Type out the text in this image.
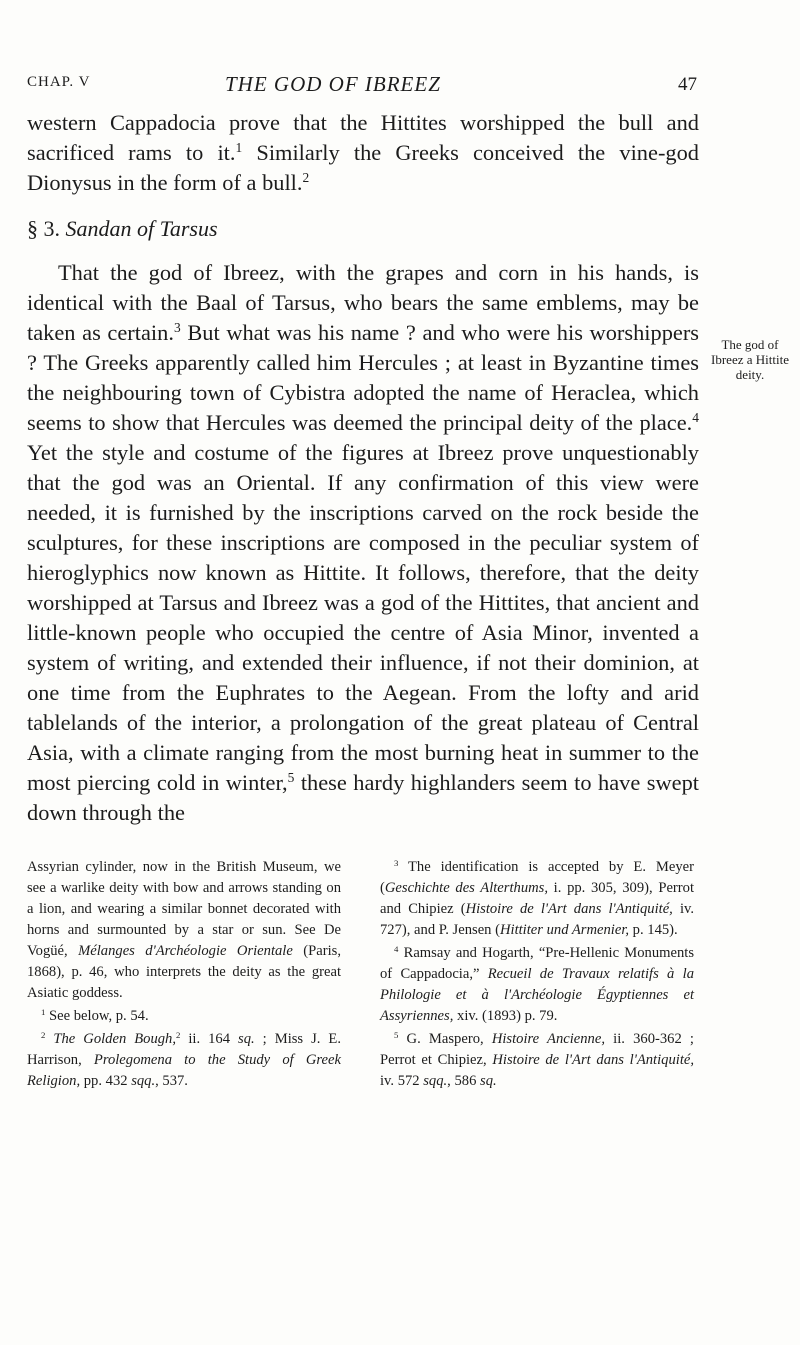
CHAP. V	THE GOD OF IBREEZ	47

western Cappadocia prove that the Hittites worshipped the bull and sacrificed rams to it.$^1$ Similarly the Greeks conceived the vine-god Dionysus in the form of a bull.$^2$

§ 3. Sandan of Tarsus

That the god of Ibreez, with the grapes and corn in his hands, is identical with the Baal of Tarsus, who bears the same emblems, may be taken as certain.$^3$ But what was his name ? and who were his worshippers ? The Greeks apparently called him Hercules ; at least in Byzantine times the neighbouring town of Cybistra adopted the name of Heraclea, which seems to show that Hercules was deemed the principal deity of the place.$^4$ Yet the style and costume of the figures at Ibreez prove unquestionably that the god was an Oriental. If any confirmation of this view were needed, it is furnished by the inscriptions carved on the rock beside the sculptures, for these inscriptions are composed in the peculiar system of hieroglyphics now known as Hittite. It follows, therefore, that the deity worshipped at Tarsus and Ibreez was a god of the Hittites, that ancient and little-known people who occupied the centre of Asia Minor, invented a system of writing, and extended their influence, if not their dominion, at one time from the Euphrates to the Aegean. From the lofty and arid tablelands of the interior, a prolongation of the great plateau of Central Asia, with a climate ranging from the most burning heat in summer to the most piercing cold in winter,$^5$ these hardy highlanders seem to have swept down through the

The god of Ibreez a Hittite deity.

Assyrian cylinder, now in the British Museum, we see a warlike deity with bow and arrows standing on a lion, and wearing a similar bonnet decorated with horns and surmounted by a star or sun. See De Vogüé, Mélanges d'Archéologie Orientale (Paris, 1868), p. 46, who interprets the deity as the great Asiatic goddess.

$^1$ See below, p. 54.

$^2$ The Golden Bough,$^2$ ii. 164 sq. ; Miss J. E. Harrison, Prolegomena to the Study of Greek Religion, pp. 432 sqq., 537.

$^3$ The identification is accepted by E. Meyer (Geschichte des Alterthums, i. pp. 305, 309), Perrot and Chipiez (Histoire de l'Art dans l'Antiquité, iv. 727), and P. Jensen (Hittiter und Armenier, p. 145).

$^4$ Ramsay and Hogarth, “Pre-Hellenic Monuments of Cappadocia,” Recueil de Travaux relatifs à la Philologie et à l'Archéologie Égyptiennes et Assyriennes, xiv. (1893) p. 79.

$^5$ G. Maspero, Histoire Ancienne, ii. 360-362 ; Perrot et Chipiez, Histoire de l'Art dans l'Antiquité, iv. 572 sqq., 586 sq.
